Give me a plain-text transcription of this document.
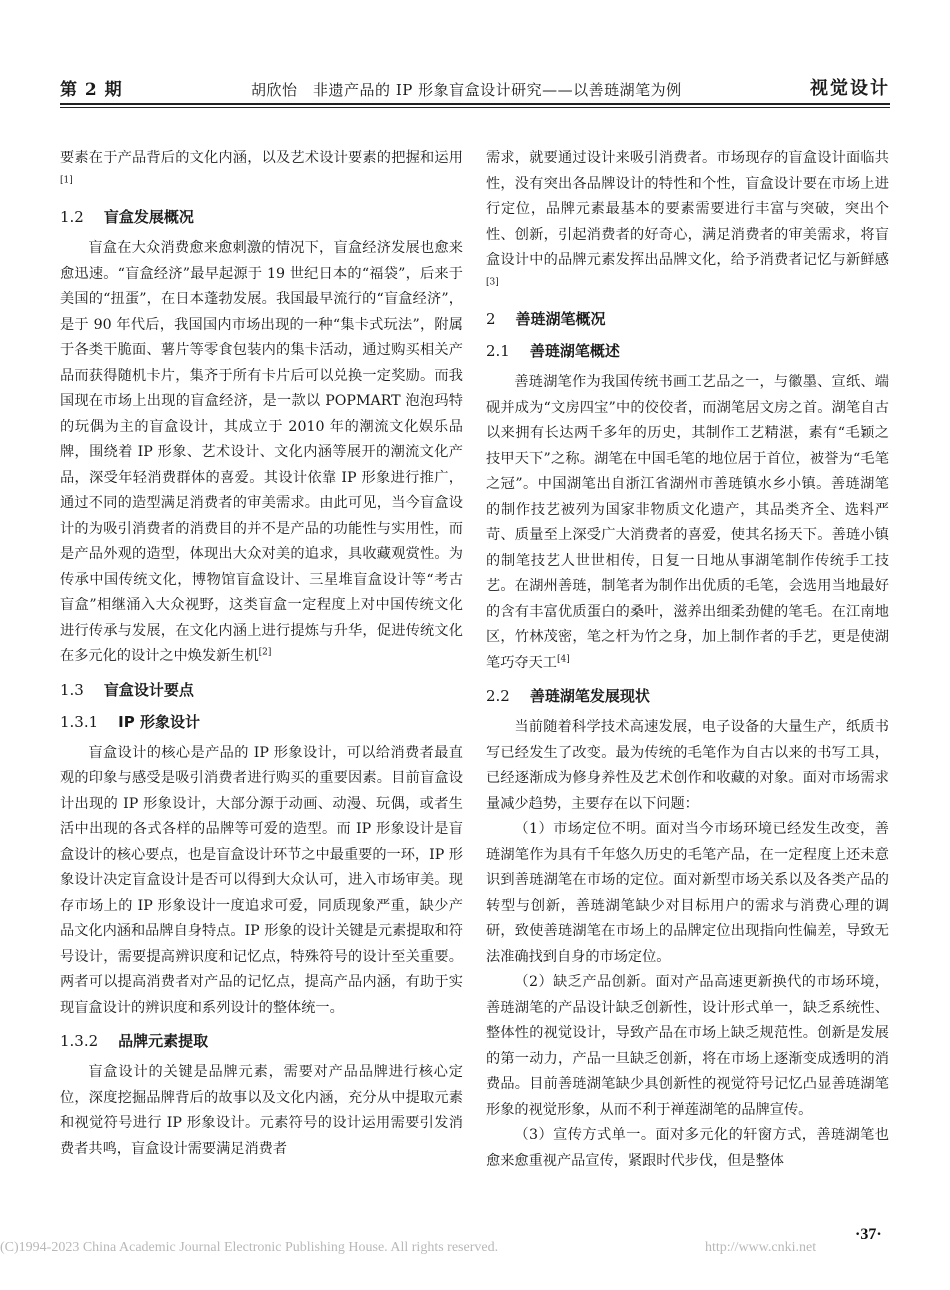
第 2 期	胡欣怡　非遗产品的 IP 形象盲盒设计研究——以善琏湖笔为例	视觉设计

要素在于产品背后的文化内涵，以及艺术设计要素的把握和运用[1]

1.2 盲盒发展概况

盲盒在大众消费愈来愈刺激的情况下，盲盒经济发展也愈来愈迅速。“盲盒经济”最早起源于 19 世纪日本的“福袋”，后来于美国的“扭蛋”，在日本蓬勃发展。我国最早流行的“盲盒经济”，是于 90 年代后，我国国内市场出现的一种“集卡式玩法”，附属于各类干脆面、薯片等零食包装内的集卡活动，通过购买相关产品而获得随机卡片，集齐于所有卡片后可以兑换一定奖励。而我国现在市场上出现的盲盒经济，是一款以 POPMART 泡泡玛特的玩偶为主的盲盒设计，其成立于 2010 年的潮流文化娱乐品牌，围绕着 IP 形象、艺术设计、文化内涵等展开的潮流文化产品，深受年轻消费群体的喜爱。其设计依靠 IP 形象进行推广，通过不同的造型满足消费者的审美需求。由此可见，当今盲盒设计的为吸引消费者的消费目的并不是产品的功能性与实用性，而是产品外观的造型，体现出大众对美的追求，具收藏观赏性。为传承中国传统文化，博物馆盲盒设计、三星堆盲盒设计等“考古盲盒”相继涌入大众视野，这类盲盒一定程度上对中国传统文化进行传承与发展，在文化内涵上进行提炼与升华，促进传统文化在多元化的设计之中焕发新生机[2]

1.3 盲盒设计要点
1.3.1 IP 形象设计

盲盒设计的核心是产品的 IP 形象设计，可以给消费者最直观的印象与感受是吸引消费者进行购买的重要因素。目前盲盒设计出现的 IP 形象设计，大部分源于动画、动漫、玩偶，或者生活中出现的各式各样的品牌等可爱的造型。而 IP 形象设计是盲盒设计的核心要点，也是盲盒设计环节之中最重要的一环，IP 形象设计决定盲盒设计是否可以得到大众认可，进入市场审美。现存市场上的 IP 形象设计一度追求可爱，同质现象严重，缺少产品文化内涵和品牌自身特点。IP 形象的设计关键是元素提取和符号设计，需要提高辨识度和记忆点，特殊符号的设计至关重要。两者可以提高消费者对产品的记忆点，提高产品内涵，有助于实现盲盒设计的辨识度和系列设计的整体统一。

1.3.2 品牌元素提取

盲盒设计的关键是品牌元素，需要对产品品牌进行核心定位，深度挖掘品牌背后的故事以及文化内涵，充分从中提取元素和视觉符号进行 IP 形象设计。元素符号的设计运用需要引发消费者共鸣，盲盒设计需要满足消费者

需求，就要通过设计来吸引消费者。市场现存的盲盒设计面临共性，没有突出各品牌设计的特性和个性，盲盒设计要在市场上进行定位，品牌元素最基本的要素需要进行丰富与突破，突出个性、创新，引起消费者的好奇心，满足消费者的审美需求，将盲盒设计中的品牌元素发挥出品牌文化，给予消费者记忆与新鲜感[3]

2 善琏湖笔概况
2.1 善琏湖笔概述

善琏湖笔作为我国传统书画工艺品之一，与徽墨、宣纸、端砚并成为“文房四宝”中的佼佼者，而湖笔居文房之首。湖笔自古以来拥有长达两千多年的历史，其制作工艺精湛，素有“毛颖之技甲天下”之称。湖笔在中国毛笔的地位居于首位，被誉为“毛笔之冠”。中国湖笔出自浙江省湖州市善琏镇水乡小镇。善琏湖笔的制作技艺被列为国家非物质文化遗产，其品类齐全、选料严苛、质量至上深受广大消费者的喜爱，使其名扬天下。善琏小镇的制笔技艺人世世相传，日复一日地从事湖笔制作传统手工技艺。在湖州善琏，制笔者为制作出优质的毛笔，会选用当地最好的含有丰富优质蛋白的桑叶，滋养出细柔劲健的笔毛。在江南地区，竹林茂密，笔之杆为竹之身，加上制作者的手艺，更是使湖笔巧夺天工[4]

2.2 善琏湖笔发展现状

当前随着科学技术高速发展，电子设备的大量生产，纸质书写已经发生了改变。最为传统的毛笔作为自古以来的书写工具，已经逐渐成为修身养性及艺术创作和收藏的对象。面对市场需求量减少趋势，主要存在以下问题：

（1）市场定位不明。面对当今市场环境已经发生改变，善琏湖笔作为具有千年悠久历史的毛笔产品，在一定程度上还未意识到善琏湖笔在市场的定位。面对新型市场关系以及各类产品的转型与创新，善琏湖笔缺少对目标用户的需求与消费心理的调研，致使善琏湖笔在市场上的品牌定位出现指向性偏差，导致无法准确找到自身的市场定位。

（2）缺乏产品创新。面对产品高速更新换代的市场环境，善琏湖笔的产品设计缺乏创新性，设计形式单一，缺乏系统性、整体性的视觉设计，导致产品在市场上缺乏规范性。创新是发展的第一动力，产品一旦缺乏创新，将在市场上逐渐变成透明的消费品。目前善琏湖笔缺少具创新性的视觉符号记忆凸显善琏湖笔形象的视觉形象，从而不利于禅莲湖笔的品牌宣传。

（3）宣传方式单一。面对多元化的轩窗方式，善琏湖笔也愈来愈重视产品宣传，紧跟时代步伐，但是整体

·37·
(C)1994-2023 China Academic Journal Electronic Publishing House. All rights reserved.	http://www.cnki.net
